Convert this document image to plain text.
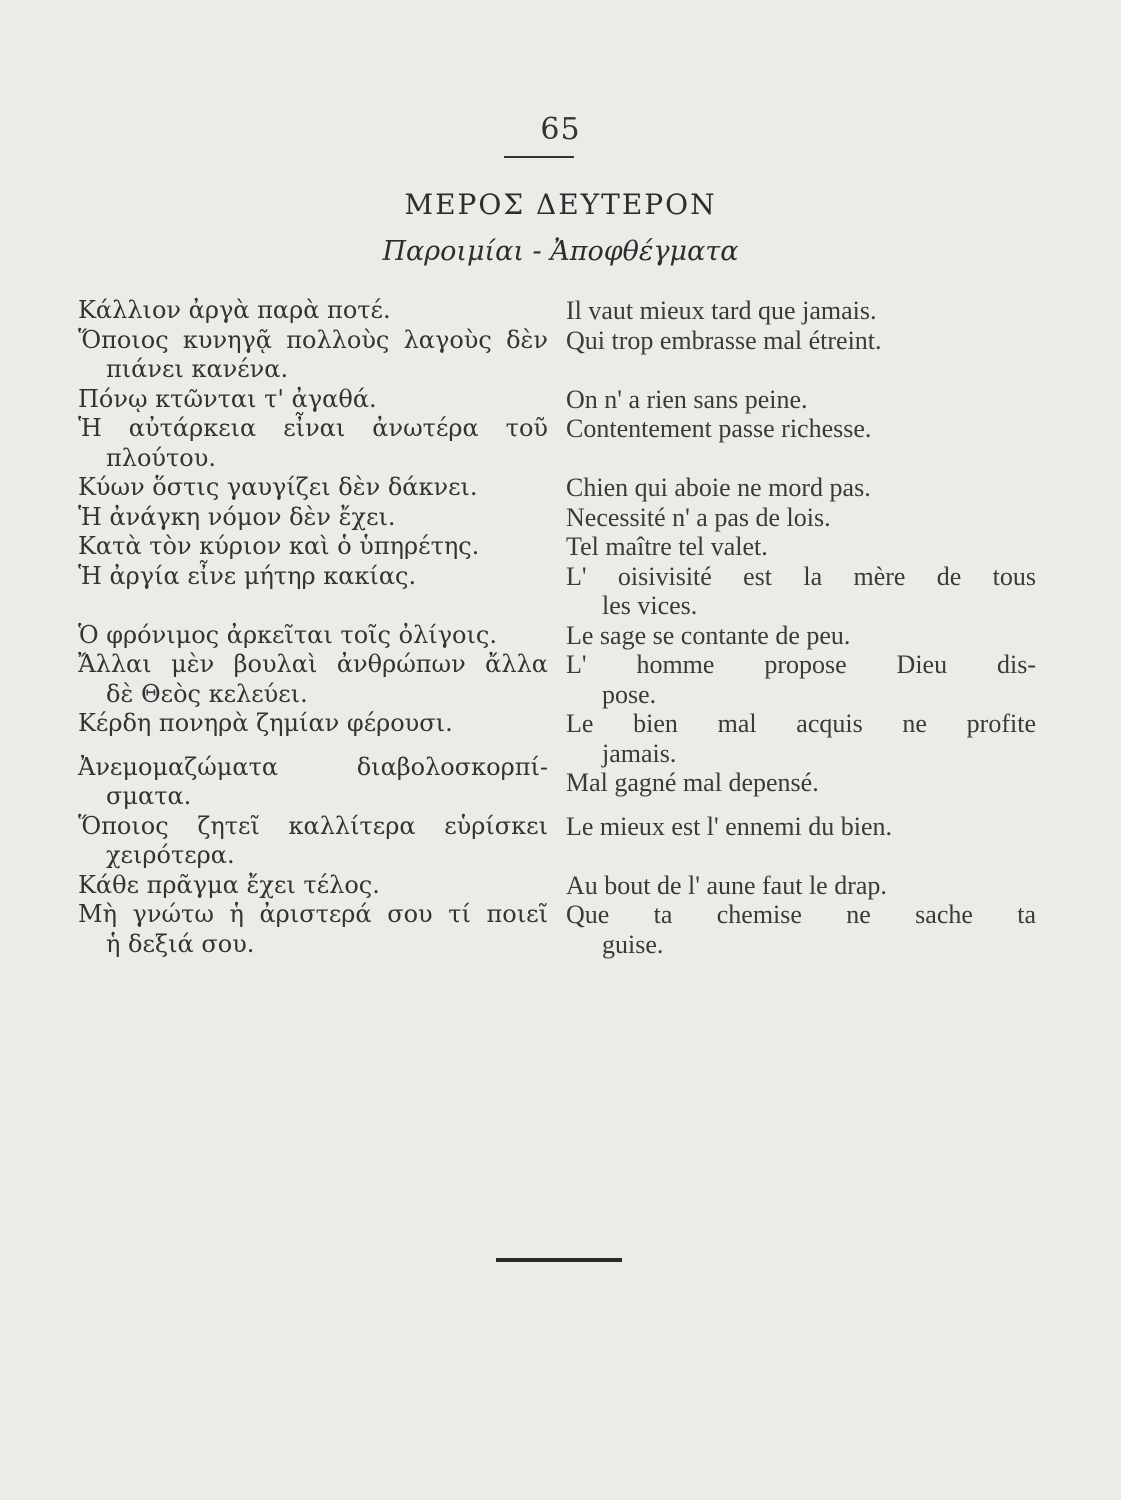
65
ΜΕΡΟΣ ΔΕΥΤΕΡΟΝ
Παροιμίαι - Ἀποφθέγματα
Κάλλιον ἀργὰ παρὰ ποτέ.
Ὅποιος κυνηγᾷ πολλοὺς λαγοὺς δὲν
πιάνει κανένα.
Πόνῳ κτῶνται τ' ἀγαθά.
Ἡ αὐτάρκεια εἶναι ἀνωτέρα τοῦ
πλούτου.
Κύων ὅστις γαυγίζει δὲν δάκνει.
Ἡ ἀνάγκη νόμον δὲν ἔχει.
Κατὰ τὸν κύριον καὶ ὁ ὑπηρέτης.
Ἡ ἀργία εἶνε μήτηρ κακίας.
Ὁ φρόνιμος ἀρκεῖται τοῖς ὀλίγοις.
Ἄλλαι μὲν βουλαὶ ἀνθρώπων ἄλλα
δὲ Θεὸς κελεύει.
Κέρδη πονηρὰ ζημίαν φέρουσι.
Ἀνεμομαζώματα διαβολοσκορπί-
σματα.
Ὅποιος ζητεῖ καλλίτερα εὑρίσκει
χειρότερα.
Κάθε πρᾶγμα ἔχει τέλος.
Μὴ γνώτω ἡ ἀριστερά σου τί ποιεῖ
ἡ δεξιά σου.
Il vaut mieux tard que jamais.
Qui trop embrasse mal étreint.
On n' a rien sans peine.
Contentement passe richesse.
Chien qui aboie ne mord pas.
Necessité n' a pas de lois.
Tel maître tel valet.
L' oisivisité est la mère de tous
les vices.
Le sage se contante de peu.
L' homme propose Dieu dis-
pose.
Le bien mal acquis ne profite
jamais.
Mal gagné mal depensé.
Le mieux est l' ennemi du bien.
Au bout de l' aune faut le drap.
Que ta chemise ne sache ta
guise.
